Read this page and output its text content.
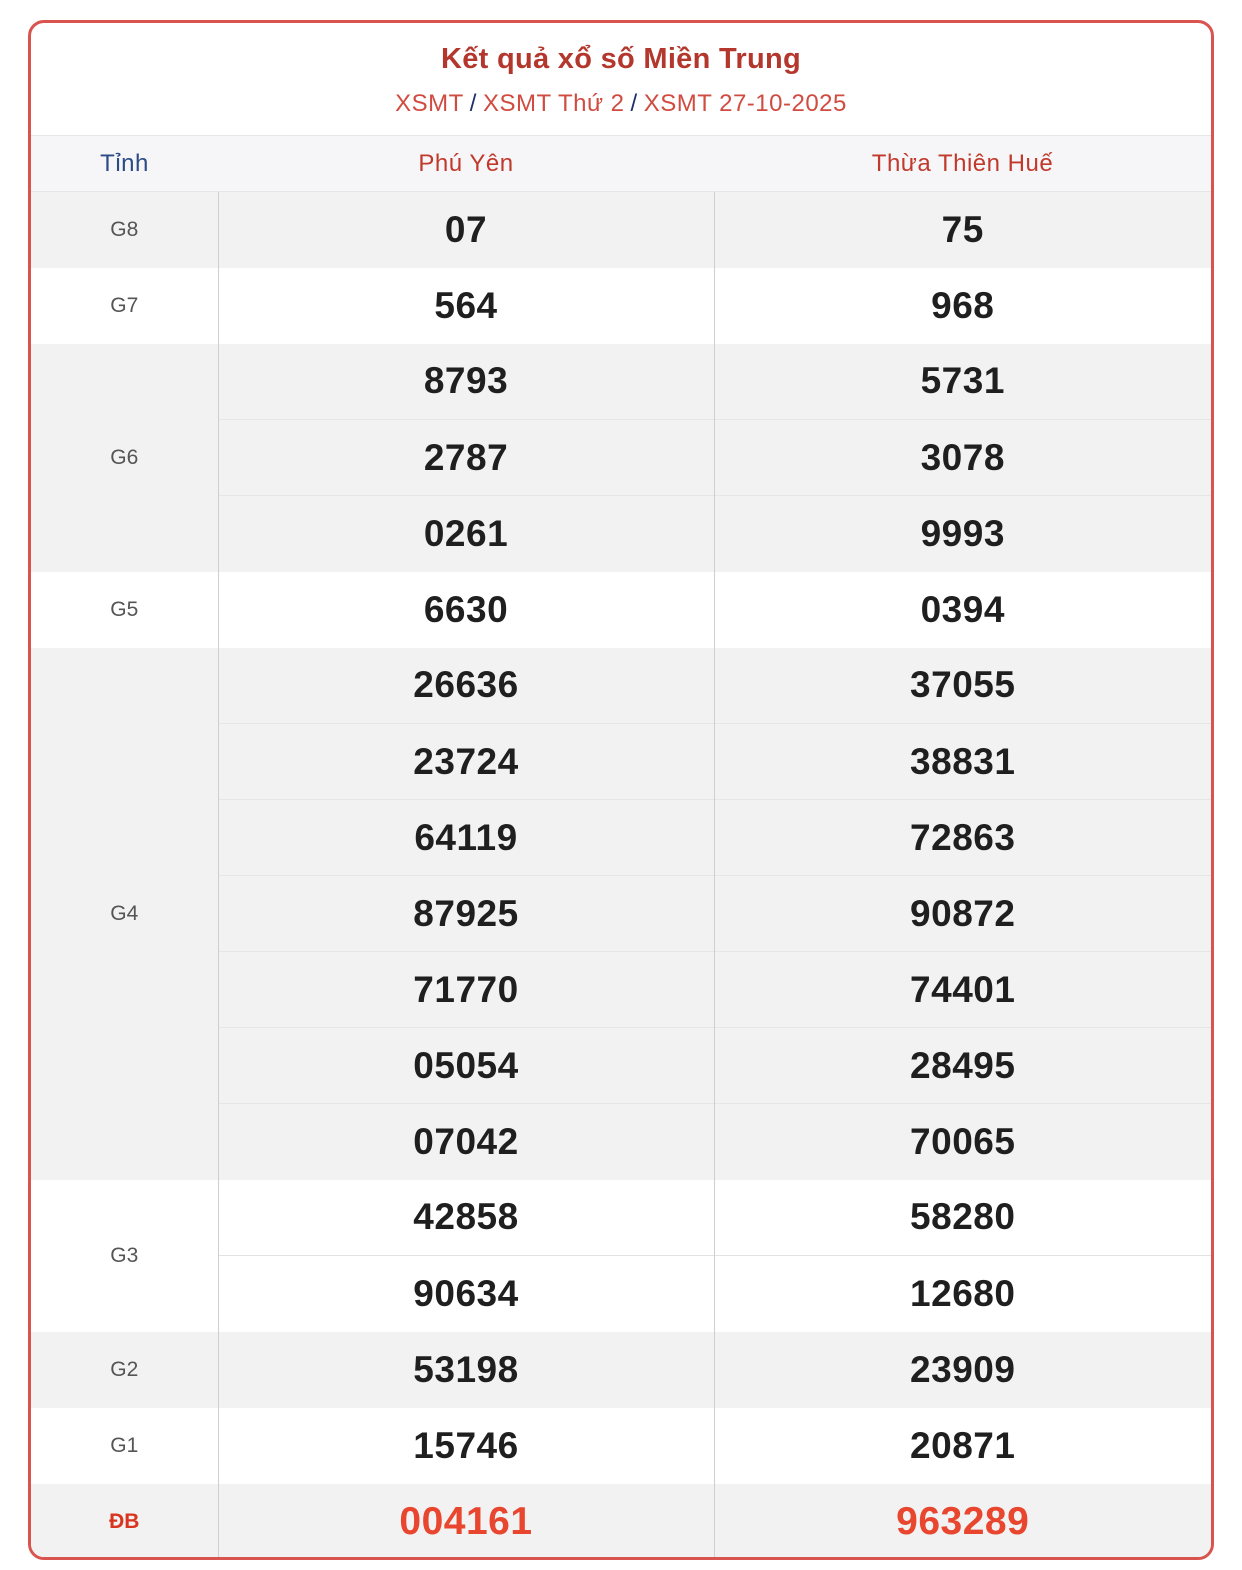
Kết quả xổ số Miền Trung
XSMT / XSMT Thứ 2 / XSMT 27-10-2025
Tỉnh	Phú Yên	Thừa Thiên Huế
G8	07	75
G7	564	968
G6	8793	5731
	2787	3078
	0261	9993
G5	6630	0394
G4	26636	37055
	23724	38831
	64119	72863
	87925	90872
	71770	74401
	05054	28495
	07042	70065
G3	42858	58280
	90634	12680
G2	53198	23909
G1	15746	20871
ĐB	004161	963289
